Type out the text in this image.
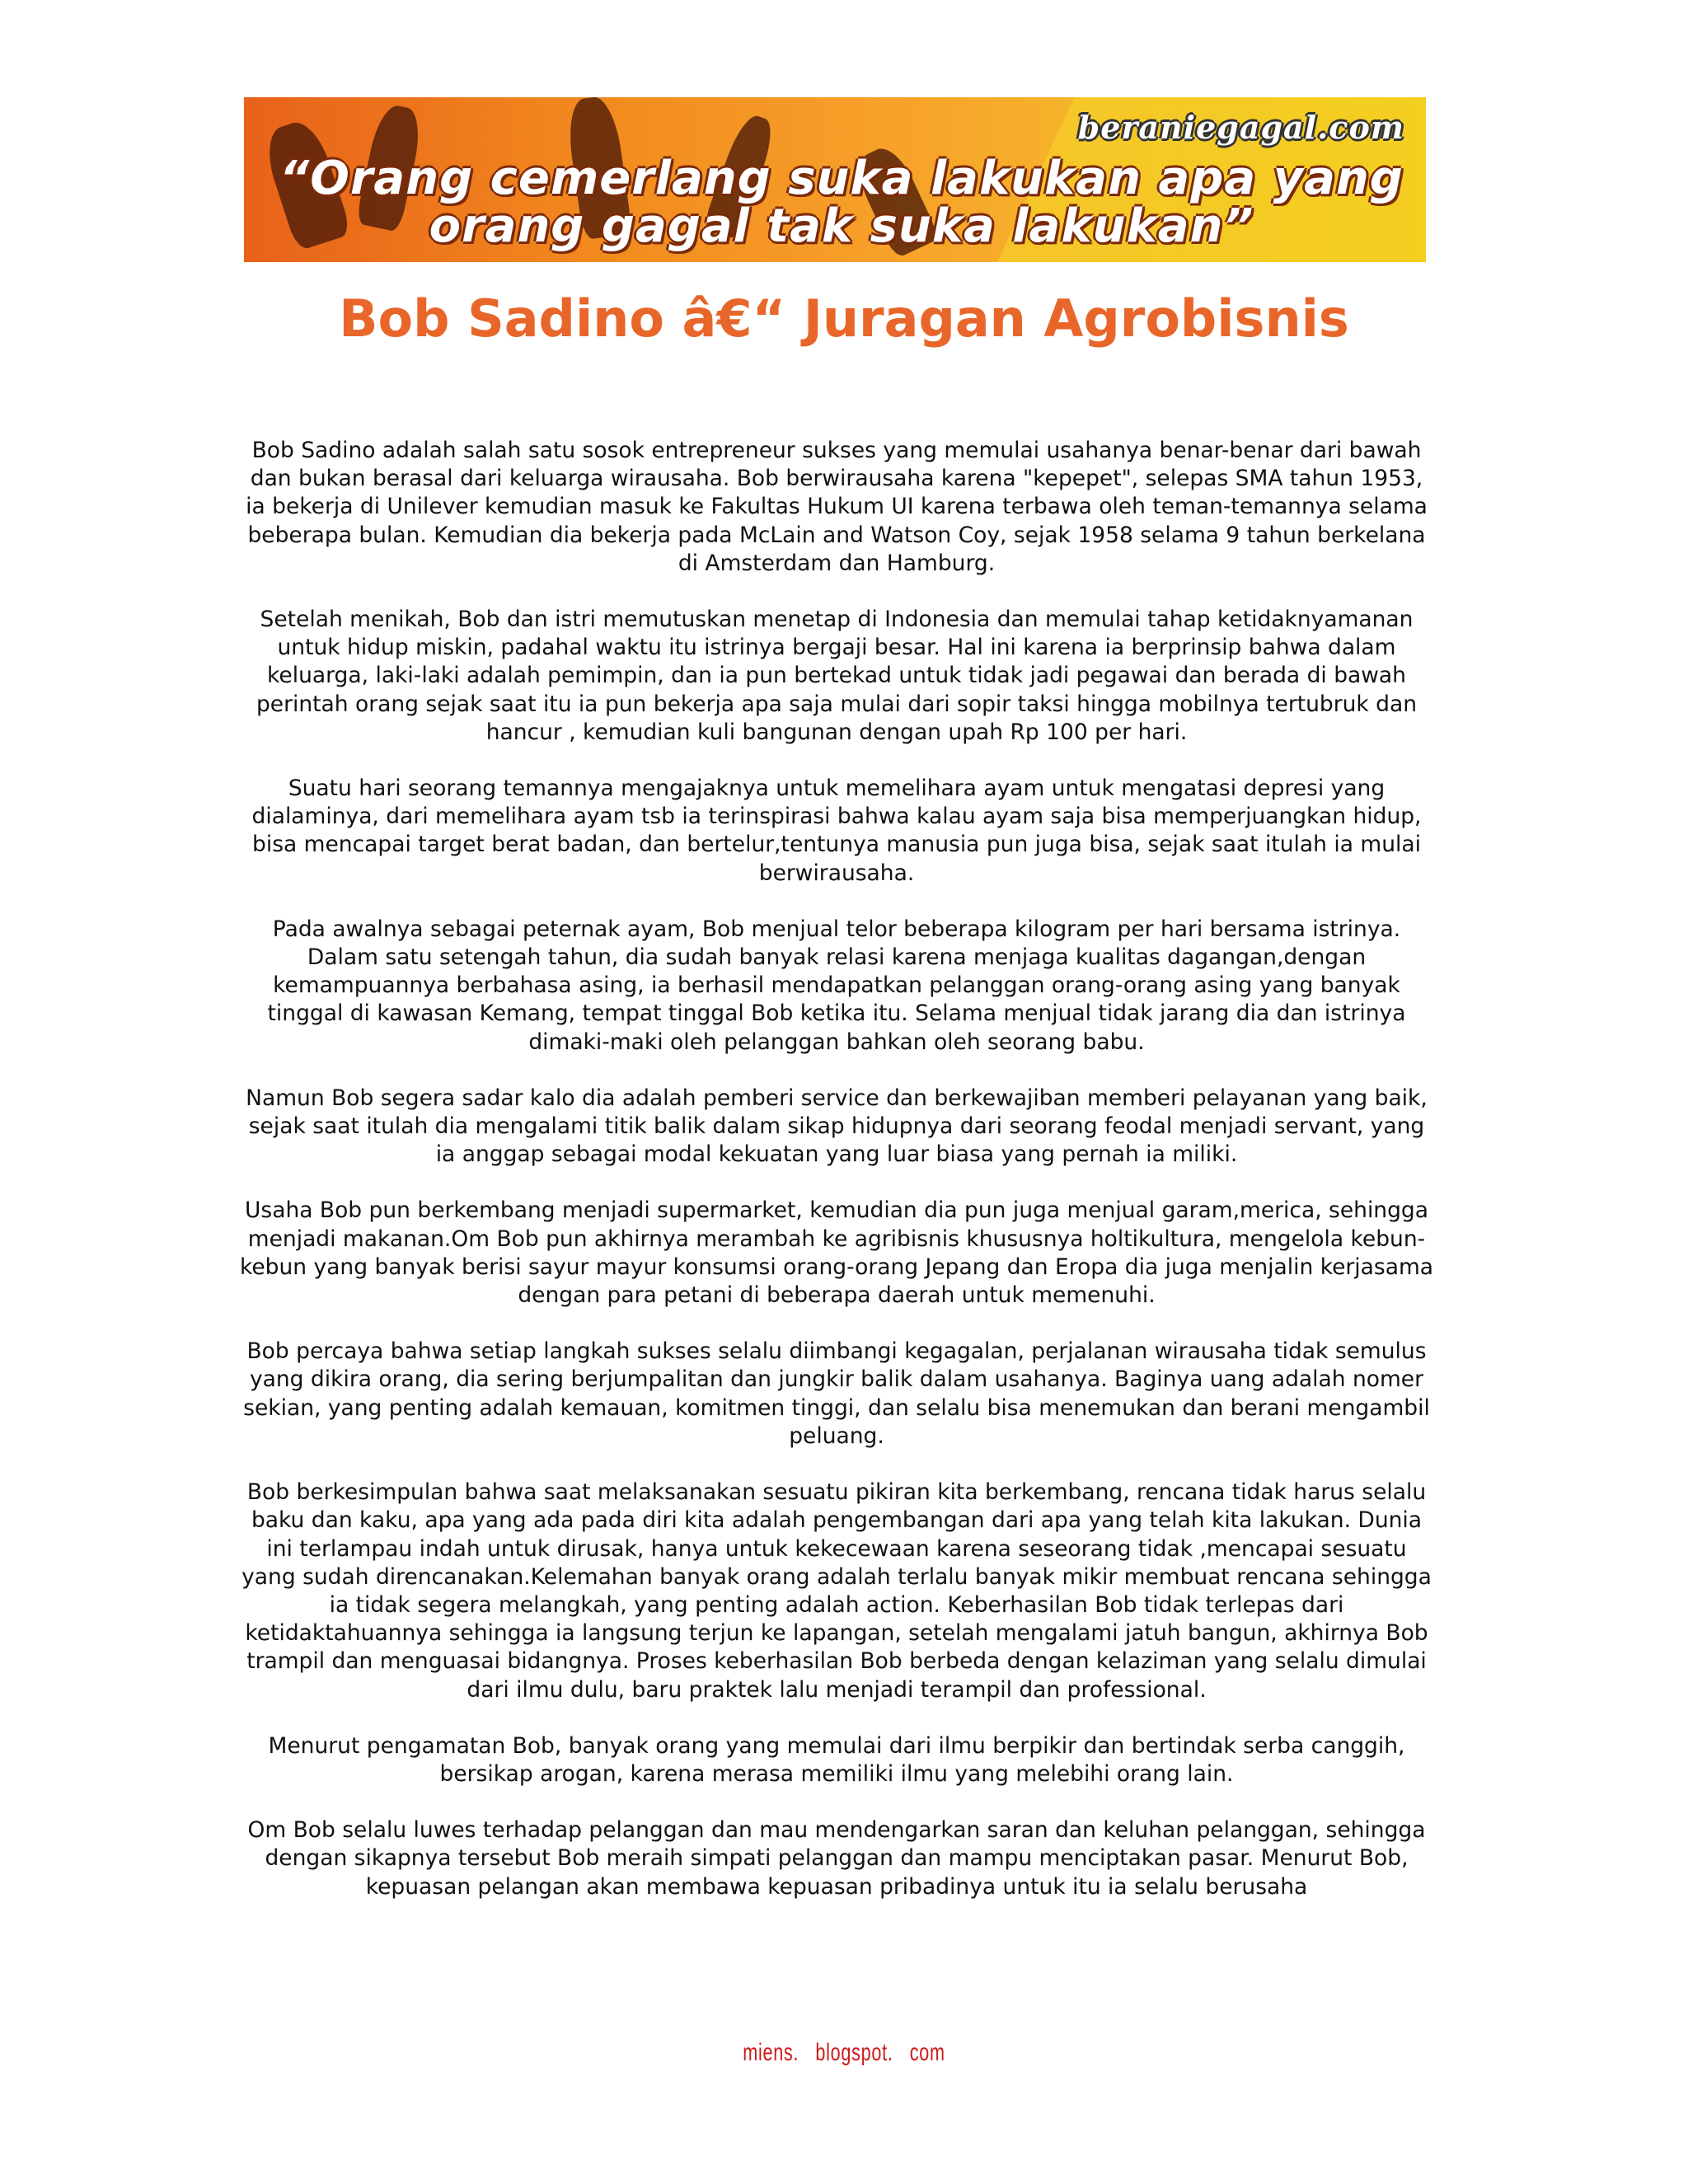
beraniegagal.com
“Orang cemerlang suka lakukan apa yang orang gagal tak suka lakukan”
Bob Sadino â€“ Juragan Agrobisnis

Bob Sadino adalah salah satu sosok entrepreneur sukses yang memulai usahanya benar-benar dari bawah dan bukan berasal dari keluarga wirausaha. Bob berwirausaha karena "kepepet", selepas SMA tahun 1953, ia bekerja di Unilever kemudian masuk ke Fakultas Hukum UI karena terbawa oleh teman-temannya selama beberapa bulan. Kemudian dia bekerja pada McLain and Watson Coy, sejak 1958 selama 9 tahun berkelana di Amsterdam dan Hamburg.

Setelah menikah, Bob dan istri memutuskan menetap di Indonesia dan memulai tahap ketidaknyamanan untuk hidup miskin, padahal waktu itu istrinya bergaji besar. Hal ini karena ia berprinsip bahwa dalam keluarga, laki-laki adalah pemimpin, dan ia pun bertekad untuk tidak jadi pegawai dan berada di bawah perintah orang sejak saat itu ia pun bekerja apa saja mulai dari sopir taksi hingga mobilnya tertubruk dan hancur , kemudian kuli bangunan dengan upah Rp 100 per hari.

Suatu hari seorang temannya mengajaknya untuk memelihara ayam untuk mengatasi depresi yang dialaminya, dari memelihara ayam tsb ia terinspirasi bahwa kalau ayam saja bisa memperjuangkan hidup, bisa mencapai target berat badan, dan bertelur,tentunya manusia pun juga bisa, sejak saat itulah ia mulai berwirausaha.

Pada awalnya sebagai peternak ayam, Bob menjual telor beberapa kilogram per hari bersama istrinya. Dalam satu setengah tahun, dia sudah banyak relasi karena menjaga kualitas dagangan,dengan kemampuannya berbahasa asing, ia berhasil mendapatkan pelanggan orang-orang asing yang banyak tinggal di kawasan Kemang, tempat tinggal Bob ketika itu. Selama menjual tidak jarang dia dan istrinya dimaki-maki oleh pelanggan bahkan oleh seorang babu.

Namun Bob segera sadar kalo dia adalah pemberi service dan berkewajiban memberi pelayanan yang baik, sejak saat itulah dia mengalami titik balik dalam sikap hidupnya dari seorang feodal menjadi servant, yang ia anggap sebagai modal kekuatan yang luar biasa yang pernah ia miliki.

Usaha Bob pun berkembang menjadi supermarket, kemudian dia pun juga menjual garam,merica, sehingga menjadi makanan.Om Bob pun akhirnya merambah ke agribisnis khususnya holtikultura, mengelola kebun-kebun yang banyak berisi sayur mayur konsumsi orang-orang Jepang dan Eropa dia juga menjalin kerjasama dengan para petani di beberapa daerah untuk memenuhi.

Bob percaya bahwa setiap langkah sukses selalu diimbangi kegagalan, perjalanan wirausaha tidak semulus yang dikira orang, dia sering berjumpalitan dan jungkir balik dalam usahanya. Baginya uang adalah nomer sekian, yang penting adalah kemauan, komitmen tinggi, dan selalu bisa menemukan dan berani mengambil peluang.

Bob berkesimpulan bahwa saat melaksanakan sesuatu pikiran kita berkembang, rencana tidak harus selalu baku dan kaku, apa yang ada pada diri kita adalah pengembangan dari apa yang telah kita lakukan. Dunia ini terlampau indah untuk dirusak, hanya untuk kekecewaan karena seseorang tidak ,mencapai sesuatu yang sudah direncanakan.Kelemahan banyak orang adalah terlalu banyak mikir membuat rencana sehingga ia tidak segera melangkah, yang penting adalah action. Keberhasilan Bob tidak terlepas dari ketidaktahuannya sehingga ia langsung terjun ke lapangan, setelah mengalami jatuh bangun, akhirnya Bob trampil dan menguasai bidangnya. Proses keberhasilan Bob berbeda dengan kelaziman yang selalu dimulai dari ilmu dulu, baru praktek lalu menjadi terampil dan professional.

Menurut pengamatan Bob, banyak orang yang memulai dari ilmu berpikir dan bertindak serba canggih, bersikap arogan, karena merasa memiliki ilmu yang melebihi orang lain.

Om Bob selalu luwes terhadap pelanggan dan mau mendengarkan saran dan keluhan pelanggan, sehingga dengan sikapnya tersebut Bob meraih simpati pelanggan dan mampu menciptakan pasar. Menurut Bob, kepuasan pelangan akan membawa kepuasan pribadinya untuk itu ia selalu berusaha

miens.   blogspot.   com
